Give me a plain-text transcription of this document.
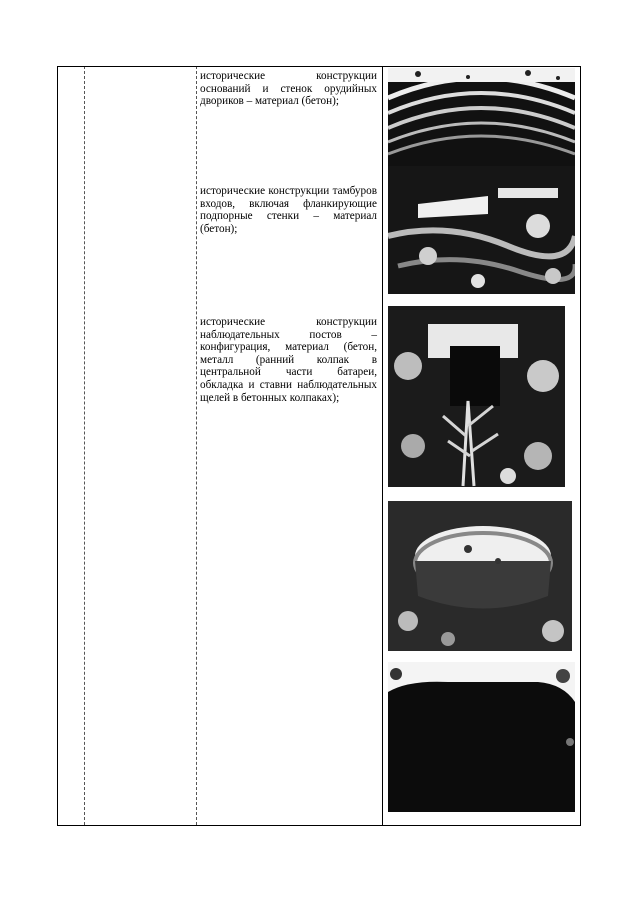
исторические конструкции оснований и стенок орудийных двориков – материал (бетон);
исторические конструкции тамбуров входов, включая фланкирующие подпорные стенки – материал (бетон);
исторические конструкции наблюдательных постов – конфигурация, материал (бетон, металл (ранний колпак в центральной части батареи, обкладка и ставни наблюдательных щелей в бетонных колпаках);
